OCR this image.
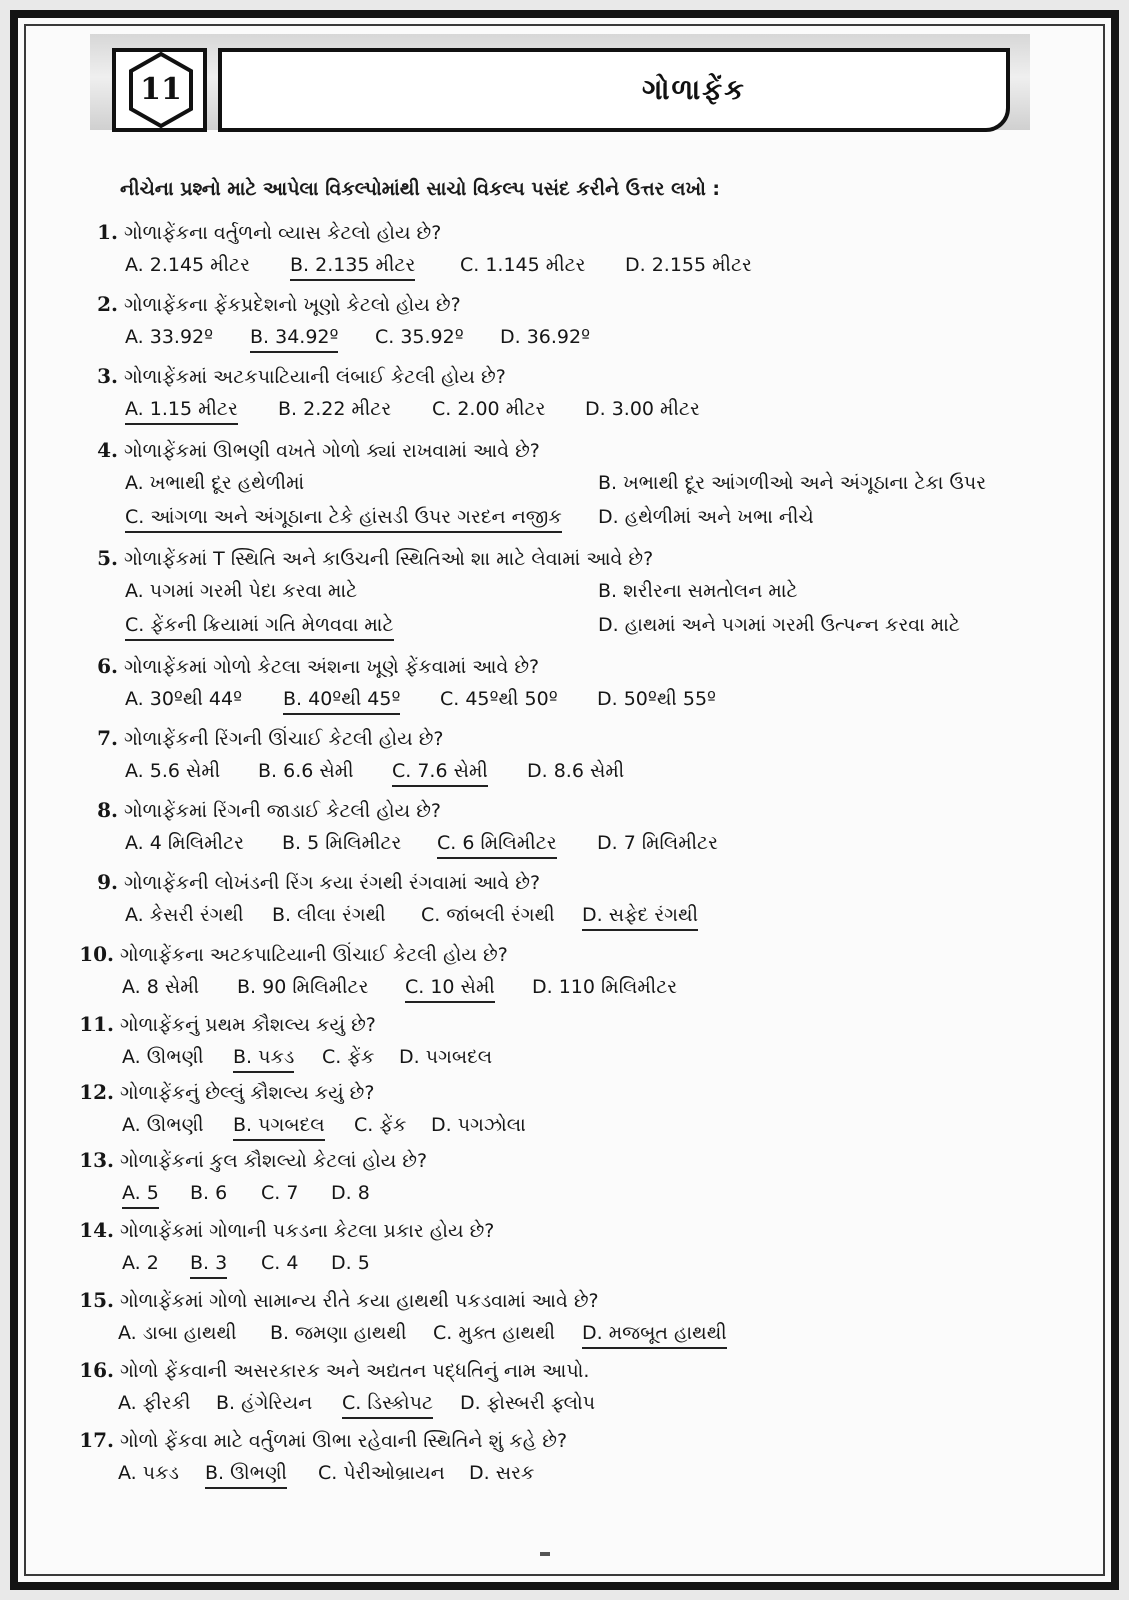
11	ગોળાફેંક
નીચેના પ્રશ્નો માટે આપેલા વિકલ્પોમાંથી સાચો વિકલ્પ પસંદ કરીને ઉત્તર લખો :
1. ગોળાફેંકના વર્તુળનો વ્યાસ કેટલો હોય છે?
A. 2.145 મીટર B. 2.135 મીટર C. 1.145 મીટર D. 2.155 મીટર
2. ગોળાફેંકના ફેંકપ્રદેશનો ખૂણો કેટલો હોય છે?
A. 33.92º B. 34.92º C. 35.92º D. 36.92º
3. ગોળાફેંકમાં અટકપાટિયાની લંબાઈ કેટલી હોય છે?
A. 1.15 મીટર B. 2.22 મીટર C. 2.00 મીટર D. 3.00 મીટર
4. ગોળાફેંકમાં ઊભણી વખતે ગોળો ક્યાં રાખવામાં આવે છે?
A. ખભાથી દૂર હથેળીમાં	B. ખભાથી દૂર આંગળીઓ અને અંગૂઠાના ટેકા ઉપર
C. આંગળા અને અંગૂઠાના ટેકે હાંસડી ઉપર ગરદન નજીક D. હથેળીમાં અને ખભા નીચે
5. ગોળાફેંકમાં T સ્થિતિ અને કાઉચની સ્થિતિઓ શા માટે લેવામાં આવે છે?
A. પગમાં ગરમી પેદા કરવા માટે	B. શરીરના સમતોલન માટે
C. ફેંકની ક્રિયામાં ગતિ મેળવવા માટે	D. હાથમાં અને પગમાં ગરમી ઉત્પન્ન કરવા માટે
6. ગોળાફેંકમાં ગોળો કેટલા અંશના ખૂણે ફેંકવામાં આવે છે?
A. 30ºથી 44º B. 40ºથી 45º C. 45ºથી 50º D. 50ºથી 55º
7. ગોળાફેંકની રિંગની ઊંચાઈ કેટલી હોય છે?
A. 5.6 સેમી B. 6.6 સેમી C. 7.6 સેમી D. 8.6 સેમી
8. ગોળાફેંકમાં રિંગની જાડાઈ કેટલી હોય છે?
A. 4 મિલિમીટર B. 5 મિલિમીટર C. 6 મિલિમીટર D. 7 મિલિમીટર
9. ગોળાફેંકની લોખંડની રિંગ કયા રંગથી રંગવામાં આવે છે?
A. કેસરી રંગથી B. લીલા રંગથી C. જાંબલી રંગથી D. સફેદ રંગથી
10. ગોળાફેંકના અટકપાટિયાની ઊંચાઈ કેટલી હોય છે?
A. 8 સેમી B. 90 મિલિમીટર C. 10 સેમી D. 110 મિલિમીટર
11. ગોળાફેંકનું પ્રથમ કૌશલ્ય કયું છે?
A. ઊભણી B. પકડ C. ફેંક D. પગબદલ
12. ગોળાફેંકનું છેલ્લું કૌશલ્ય કયું છે?
A. ઊભણી B. પગબદલ C. ફેંક D. પગઝોલા
13. ગોળાફેંકનાં કુલ કૌશલ્યો કેટલાં હોય છે?
A. 5 B. 6 C. 7 D. 8
14. ગોળાફેંકમાં ગોળાની પકડના કેટલા પ્રકાર હોય છે?
A. 2 B. 3 C. 4 D. 5
15. ગોળાફેંકમાં ગોળો સામાન્ય રીતે કયા હાથથી પકડવામાં આવે છે?
A. ડાબા હાથથી B. જમણા હાથથી C. મુક્ત હાથથી D. મજબૂત હાથથી
16. ગોળો ફેંકવાની અસરકારક અને અદ્યતન પદ્ધતિનું નામ આપો.
A. ફીરકી B. હંગેરિયન C. ડિસ્કોપટ D. ફોસ્બરી ફ્લોપ
17. ગોળો ફેંકવા માટે વર્તુળમાં ઊભા રહેવાની સ્થિતિને શું કહે છે?
A. પકડ B. ઊભણી C. પેરીઓબ્રાયન D. સરક
